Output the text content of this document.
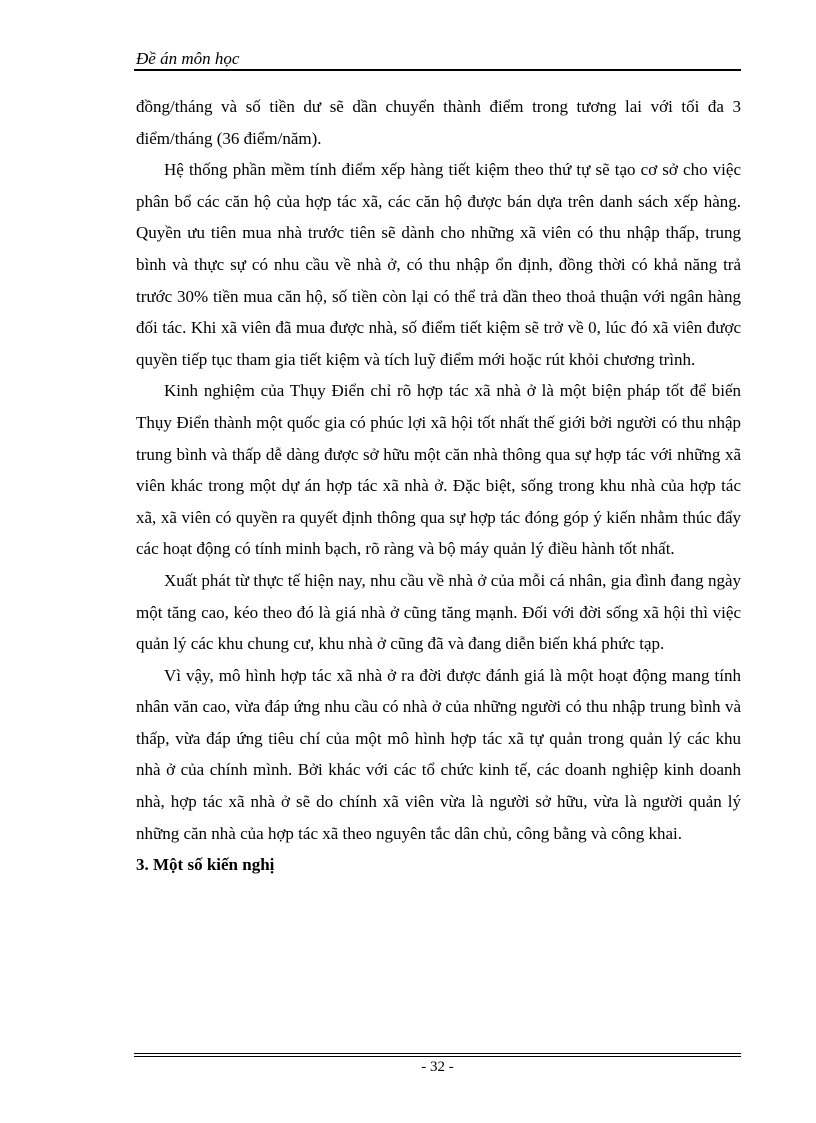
Đề án môn học

đồng/tháng và số tiền dư sẽ dần chuyển thành điểm trong tương lai với tối đa 3 điểm/tháng (36 điểm/năm).

Hệ thống phần mềm tính điểm xếp hàng tiết kiệm theo thứ tự sẽ tạo cơ sở cho việc phân bổ các căn hộ của hợp tác xã, các căn hộ được bán dựa trên danh sách xếp hàng. Quyền ưu tiên mua nhà trước tiên sẽ dành cho những xã viên có thu nhập thấp, trung bình và thực sự có nhu cầu về nhà ở, có thu nhập ổn định, đồng thời có khả năng trả trước 30% tiền mua căn hộ, số tiền còn lại có thể trả dần theo thoả thuận với ngân hàng đối tác. Khi xã viên đã mua được nhà, số điểm tiết kiệm sẽ trở về 0, lúc đó xã viên được quyền tiếp tục tham gia tiết kiệm và tích luỹ điểm mới hoặc rút khỏi chương trình.

Kinh nghiệm của Thụy Điển chỉ rõ hợp tác xã nhà ở là một biện pháp tốt để biến Thụy Điển thành một quốc gia có phúc lợi xã hội tốt nhất thế giới bởi người có thu nhập trung bình và thấp dễ dàng được sở hữu một căn nhà thông qua sự hợp tác với những xã viên khác trong một dự án hợp tác xã nhà ở. Đặc biệt, sống trong khu nhà của hợp tác xã, xã viên có quyền ra quyết định thông qua sự hợp tác đóng góp ý kiến nhằm thúc đẩy các hoạt động có tính minh bạch, rõ ràng và bộ máy quản lý điều hành tốt nhất.

Xuất phát từ thực tế hiện nay, nhu cầu về nhà ở của mỗi cá nhân, gia đình đang ngày một tăng cao, kéo theo đó là giá nhà ở cũng tăng mạnh. Đối với đời sống xã hội thì việc quản lý các khu chung cư, khu nhà ở cũng đã và đang diễn biến khá phức tạp.

Vì vậy, mô hình hợp tác xã nhà ở ra đời được đánh giá là một hoạt động mang tính nhân văn cao, vừa đáp ứng nhu cầu có nhà ở của những người có thu nhập trung bình và thấp, vừa đáp ứng tiêu chí của một mô hình hợp tác xã tự quản trong quản lý các khu nhà ở của chính mình. Bởi khác với các tổ chức kinh tế, các doanh nghiệp kinh doanh nhà, hợp tác xã nhà ở sẽ do chính xã viên vừa là người sở hữu, vừa là người quản lý những căn nhà của hợp tác xã theo nguyên tắc dân chủ, công bằng và công khai.

3. Một số kiến nghị

- 32 -
